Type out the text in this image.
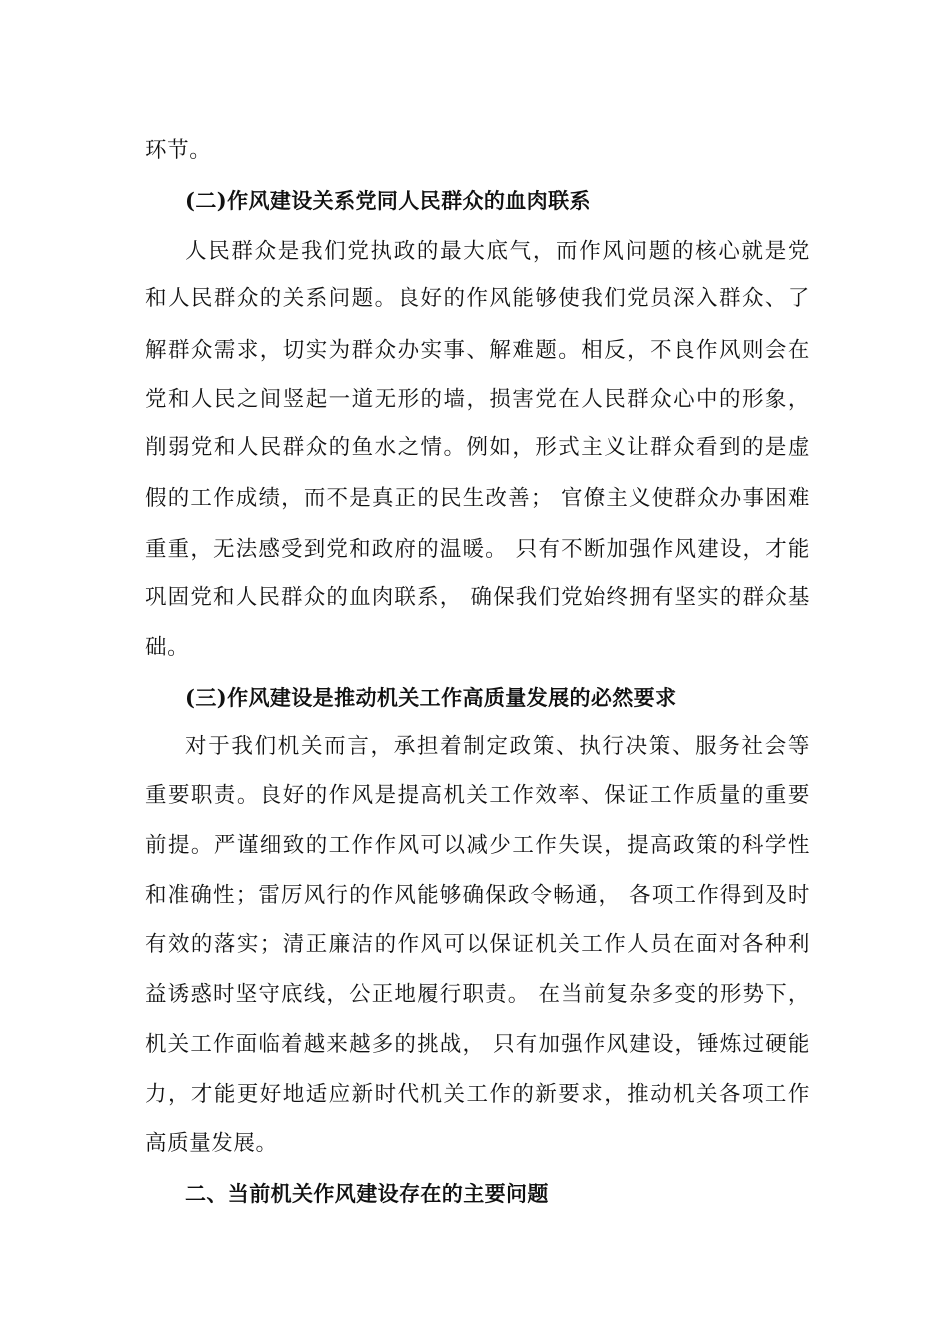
环节。
(二)作风建设关系党同人民群众的血肉联系
人民群众是我们党执政的最大底气，而作风问题的核心就是党
和人民群众的关系问题。良好的作风能够使我们党员深入群众、了
解群众需求，切实为群众办实事、解难题。相反，不良作风则会在
党和人民之间竖起一道无形的墙，损害党在人民群众心中的形象，
削弱党和人民群众的鱼水之情。例如，形式主义让群众看到的是虚
假的工作成绩，而不是真正的民生改善； 官僚主义使群众办事困难
重重，无法感受到党和政府的温暖。 只有不断加强作风建设，才能
巩固党和人民群众的血肉联系， 确保我们党始终拥有坚实的群众基
础。
(三)作风建设是推动机关工作高质量发展的必然要求
对于我们机关而言，承担着制定政策、执行决策、服务社会等
重要职责。良好的作风是提高机关工作效率、保证工作质量的重要
前提。严谨细致的工作作风可以减少工作失误，提高政策的科学性
和准确性；雷厉风行的作风能够确保政令畅通， 各项工作得到及时
有效的落实；清正廉洁的作风可以保证机关工作人员在面对各种利
益诱惑时坚守底线，公正地履行职责。 在当前复杂多变的形势下，
机关工作面临着越来越多的挑战， 只有加强作风建设，锤炼过硬能
力，才能更好地适应新时代机关工作的新要求，推动机关各项工作
高质量发展。
二、当前机关作风建设存在的主要问题
